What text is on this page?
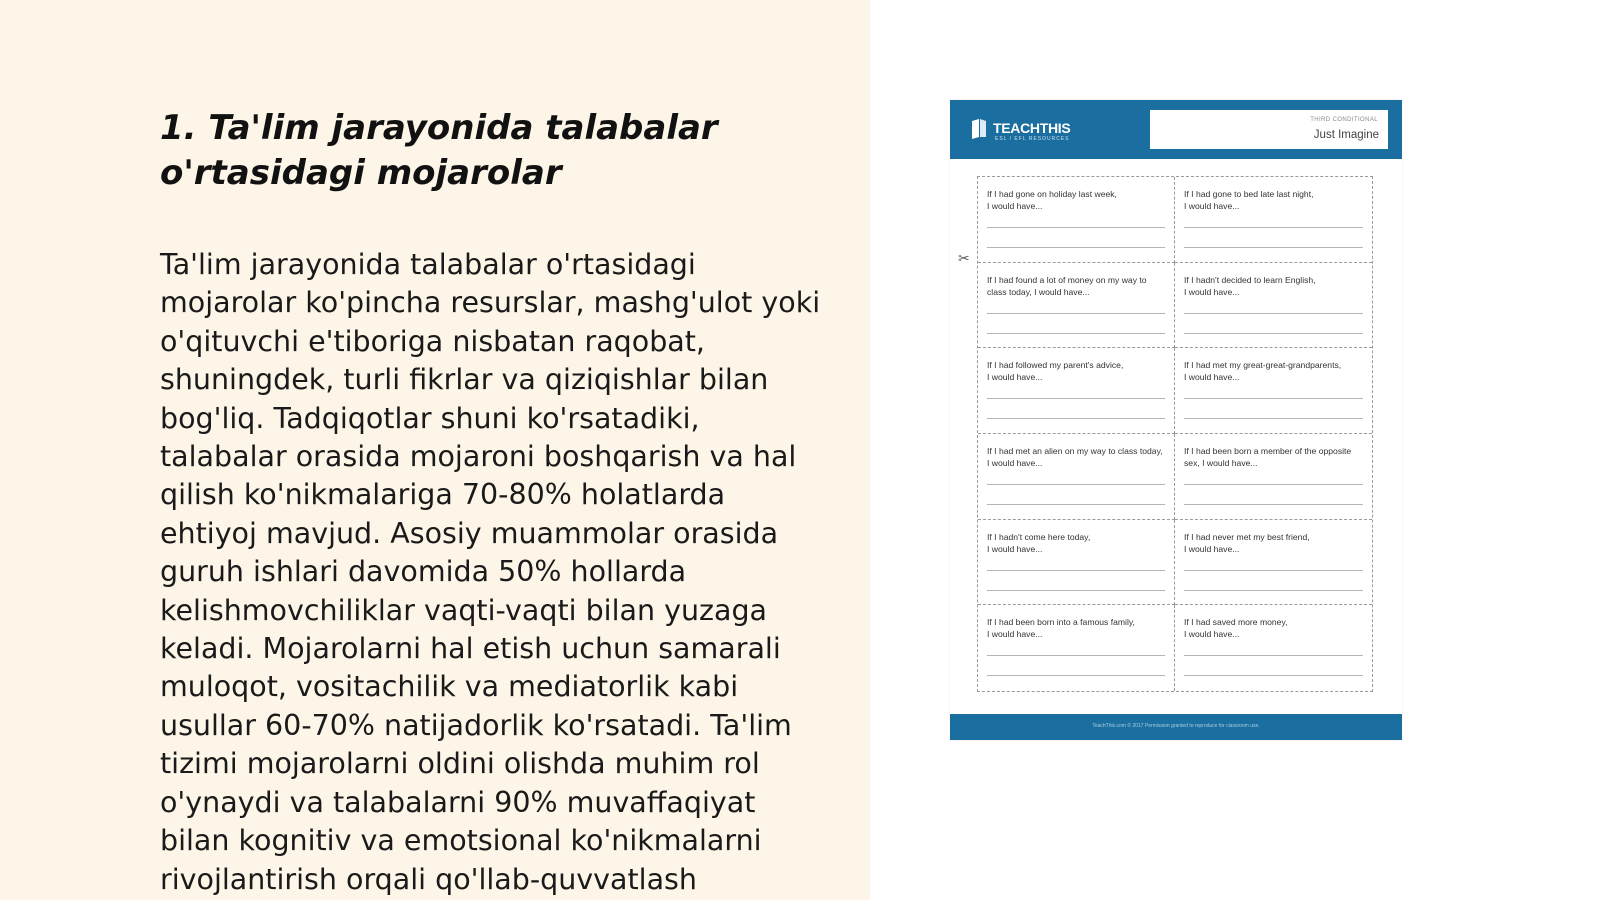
1. Ta'lim jarayonida talabalar o'rtasidagi mojarolar

Ta'lim jarayonida talabalar o'rtasidagi mojarolar ko'pincha resurslar, mashg'ulot yoki o'qituvchi e'tiboriga nisbatan raqobat, shuningdek, turli fikrlar va qiziqishlar bilan bog'liq. Tadqiqotlar shuni ko'rsatadiki, talabalar orasida mojaroni boshqarish va hal qilish ko'nikmalariga 70-80% holatlarda ehtiyoj mavjud. Asosiy muammolar orasida guruh ishlari davomida 50% hollarda kelishmovchiliklar vaqti-vaqti bilan yuzaga keladi. Mojarolarni hal etish uchun samarali muloqot, vositachilik va mediatorlik kabi usullar 60-70% natijadorlik ko'rsatadi. Ta'lim tizimi mojarolarni oldini olishda muhim rol o'ynaydi va talabalarni 90% muvaffaqiyat bilan kognitiv va emotsional ko'nikmalarni rivojlantirish orqali qo'llab-quvvatlash

TEACHTHIS
ESL / EFL RESOURCES
THIRD CONDITIONAL
Just Imagine
✂
If I had gone on holiday last week,
I would have...
If I had gone to bed late last night,
I would have...
If I had found a lot of money on my way to class today, I would have...
If I hadn't decided to learn English,
I would have...
If I had followed my parent's advice,
I would have...
If I had met my great-great-grandparents,
I would have...
If I had met an alien on my way to class today, I would have...
If I had been born a member of the opposite sex, I would have...
If I hadn't come here today,
I would have...
If I had never met my best friend,
I would have...
If I had been born into a famous family,
I would have...
If I had saved more money,
I would have...
TeachThis.com © 2017 Permission granted to reproduce for classroom use.
